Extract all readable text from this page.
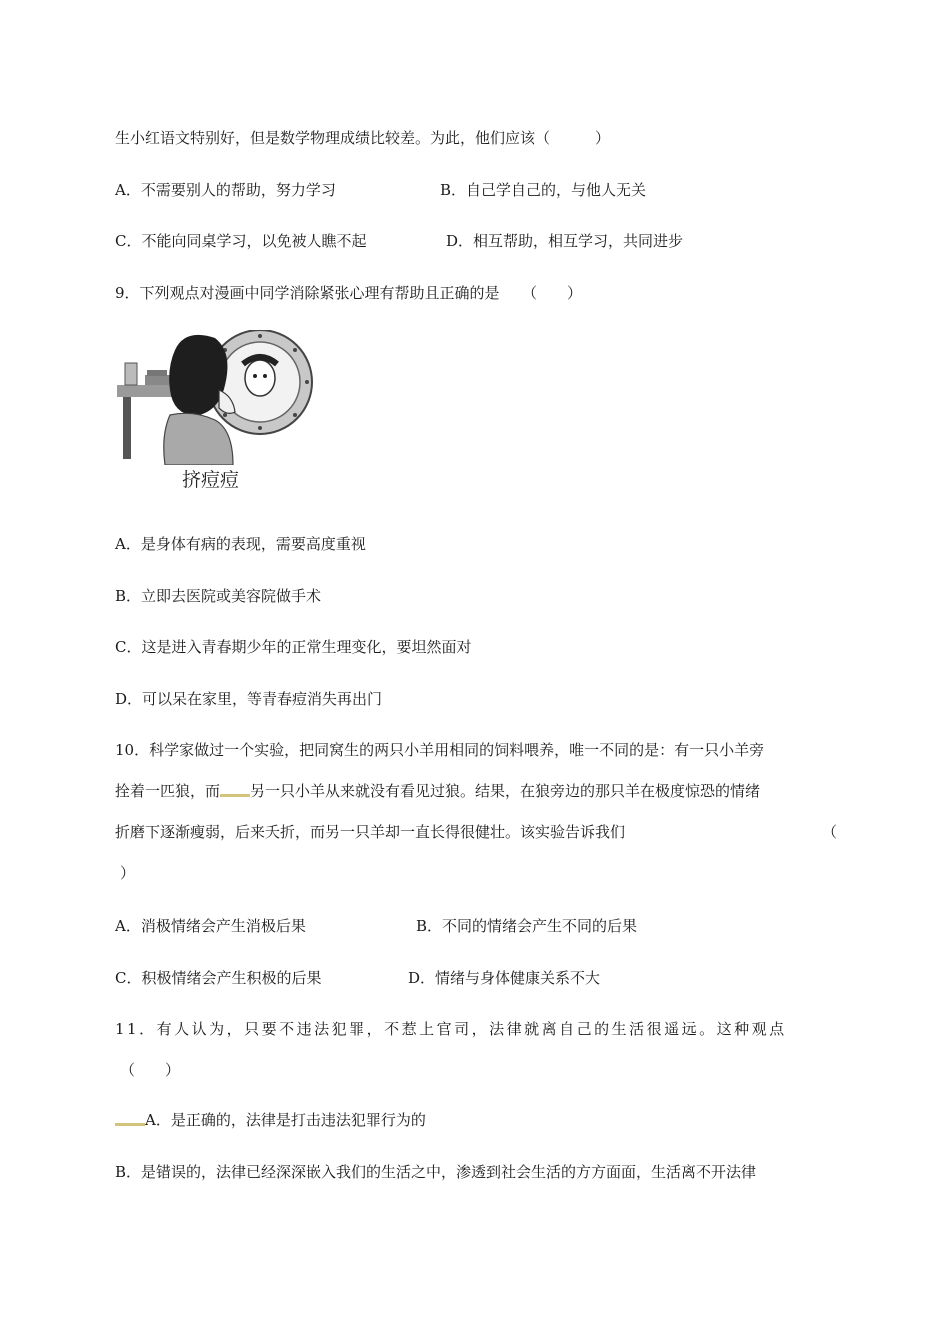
生小红语文特别好，但是数学物理成绩比较差。为此，他们应该（　　　）
A．不需要别人的帮助，努力学习	B．自己学自己的，与他人无关
C．不能向同桌学习，以免被人瞧不起	D．相互帮助，相互学习，共同进步
9．下列观点对漫画中同学消除紧张心理有帮助且正确的是　　（　　）
挤痘痘
A．是身体有病的表现，需要高度重视
B．立即去医院或美容院做手术
C．这是进入青春期少年的正常生理变化，要坦然面对
D．可以呆在家里，等青春痘消失再出门
10．科学家做过一个实验，把同窝生的两只小羊用相同的饲料喂养，唯一不同的是：有一只小羊旁
拴着一匹狼，而 另一只小羊从来就没有看见过狼。结果，在狼旁边的那只羊在极度惊恐的情绪
折磨下逐渐瘦弱，后来夭折，而另一只羊却一直长得很健壮。该实验告诉我们	（
）
A．消极情绪会产生消极后果	B．不同的情绪会产生不同的后果
C．积极情绪会产生积极的后果	D．情绪与身体健康关系不大
11．有人认为，只要不违法犯罪，不惹上官司，法律就离自己的生活很遥远。这种观点
（　　）
A．是正确的，法律是打击违法犯罪行为的
B．是错误的，法律已经深深嵌入我们的生活之中，渗透到社会生活的方方面面，生活离不开法律
